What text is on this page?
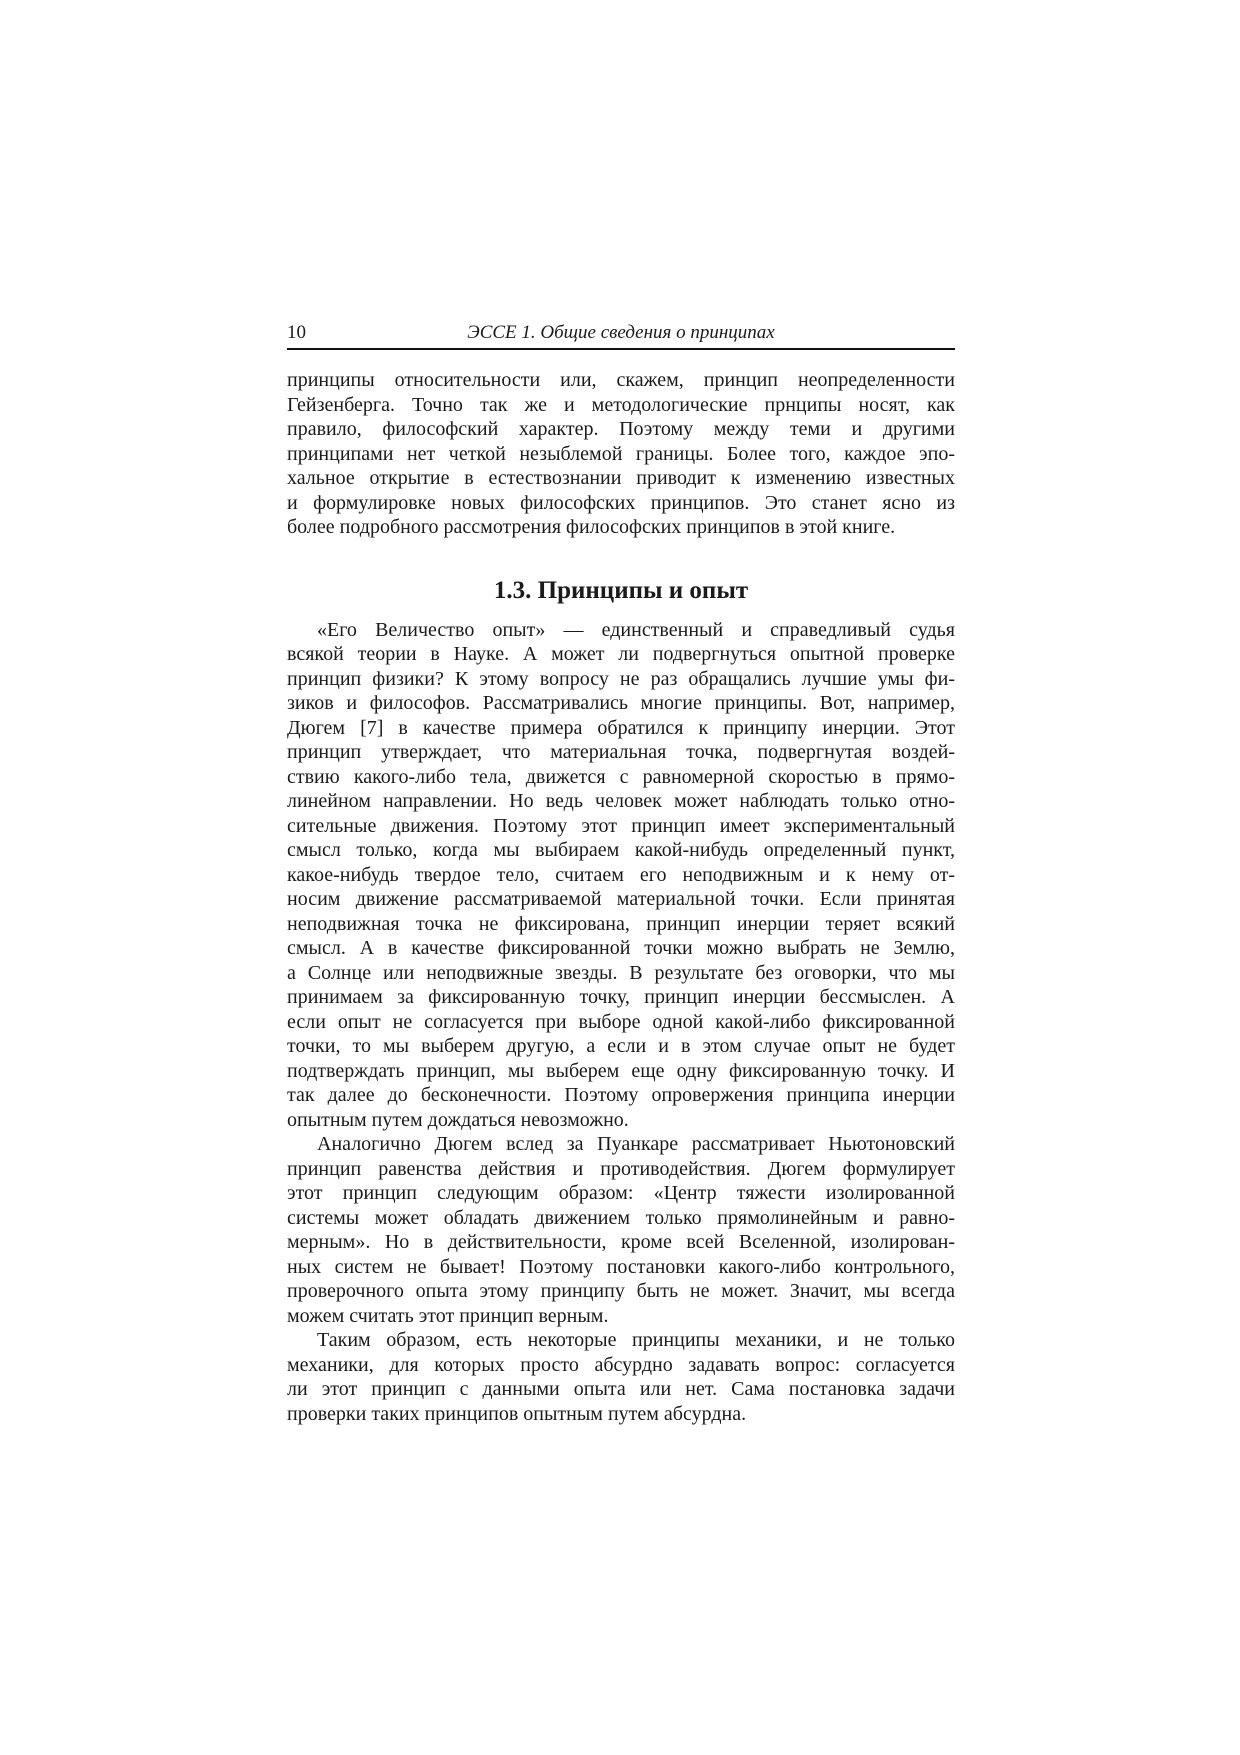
10	ЭССЕ 1. Общие сведения о принципах
принципы относительности или, скажем, принцип неопределенности
Гейзенберга. Точно так же и методологические прнципы носят, как
правило, философский характер. Поэтому между теми и другими
принципами нет четкой незыблемой границы. Более того, каждое эпо-
хальное открытие в естествознании приводит к изменению известных
и формулировке новых философских принципов. Это станет ясно из
более подробного рассмотрения философских принципов в этой книге.
1.3. Принципы и опыт
«Его Величество опыт» — единственный и справедливый судья
всякой теории в Науке. А может ли подвергнуться опытной проверке
принцип физики? К этому вопросу не раз обращались лучшие умы фи-
зиков и философов. Рассматривались многие принципы. Вот, например,
Дюгем [7] в качестве примера обратился к принципу инерции. Этот
принцип утверждает, что материальная точка, подвергнутая воздей-
ствию какого-либо тела, движется с равномерной скоростью в прямо-
линейном направлении. Но ведь человек может наблюдать только отно-
сительные движения. Поэтому этот принцип имеет экспериментальный
смысл только, когда мы выбираем какой-нибудь определенный пункт,
какое-нибудь твердое тело, считаем его неподвижным и к нему от-
носим движение рассматриваемой материальной точки. Если принятая
неподвижная точка не фиксирована, принцип инерции теряет всякий
смысл. А в качестве фиксированной точки можно выбрать не Землю,
а Солнце или неподвижные звезды. В результате без оговорки, что мы
принимаем за фиксированную точку, принцип инерции бессмыслен. А
если опыт не согласуется при выборе одной какой-либо фиксированной
точки, то мы выберем другую, а если и в этом случае опыт не будет
подтверждать принцип, мы выберем еще одну фиксированную точку. И
так далее до бесконечности. Поэтому опровержения принципа инерции
опытным путем дождаться невозможно.
Аналогично Дюгем вслед за Пуанкаре рассматривает Ньютоновский
принцип равенства действия и противодействия. Дюгем формулирует
этот принцип следующим образом: «Центр тяжести изолированной
системы может обладать движением только прямолинейным и равно-
мерным». Но в действительности, кроме всей Вселенной, изолирован-
ных систем не бывает! Поэтому постановки какого-либо контрольного,
проверочного опыта этому принципу быть не может. Значит, мы всегда
можем считать этот принцип верным.
Таким образом, есть некоторые принципы механики, и не только
механики, для которых просто абсурдно задавать вопрос: согласуется
ли этот принцип с данными опыта или нет. Сама постановка задачи
проверки таких принципов опытным путем абсурдна.
